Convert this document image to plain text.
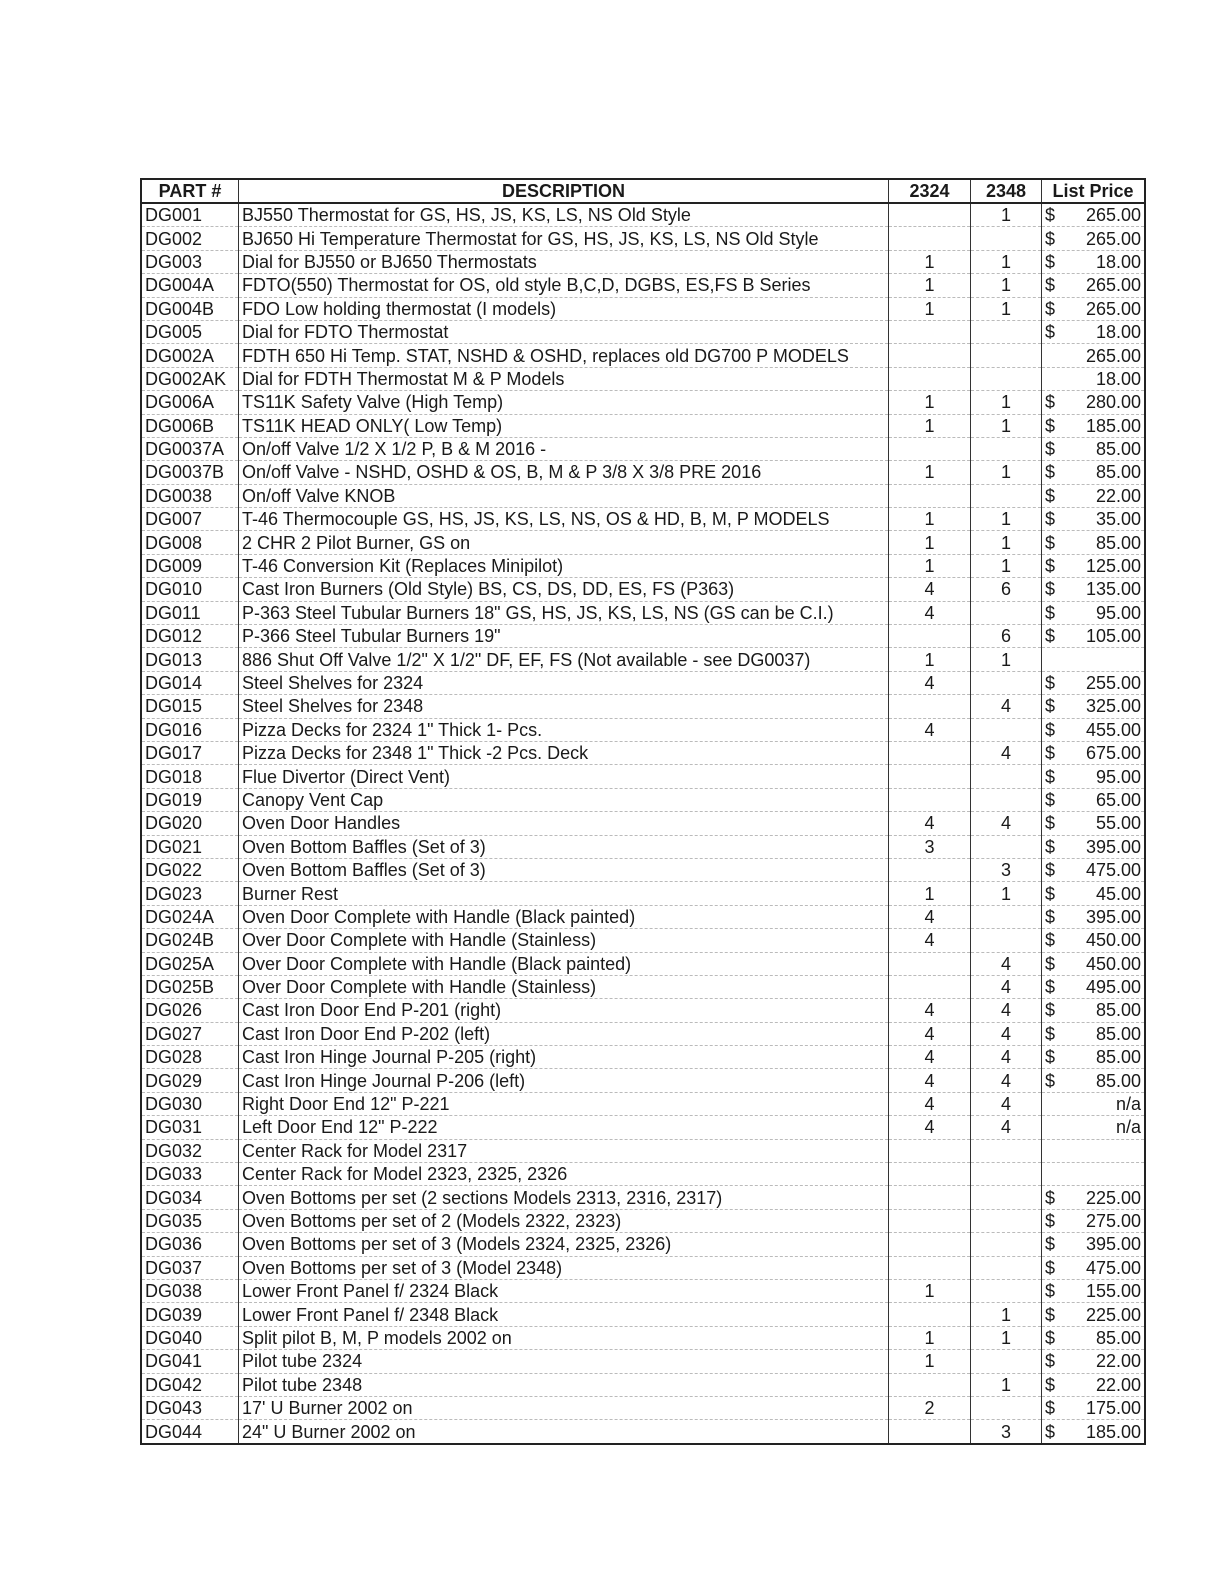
PART #	DESCRIPTION	2324	2348	List Price
DG001	BJ550 Thermostat for GS, HS, JS, KS, LS, NS Old Style		1	$ 265.00

DG002	BJ650 Hi Temperature Thermostat for GS, HS, JS, KS, LS, NS Old Style			$ 265.00

DG003	Dial for BJ550 or BJ650 Thermostats	1	1	$ 18.00

DG004A	FDTO(550) Thermostat for OS, old style B,C,D, DGBS, ES,FS B Series	1	1	$ 265.00

DG004B	FDO Low holding thermostat (I models)	1	1	$ 265.00

DG005	Dial for FDTO Thermostat			$ 18.00

DG002A	FDTH 650 Hi Temp. STAT, NSHD & OSHD, replaces old DG700 P MODELS			265.00

DG002AK	Dial for FDTH Thermostat M & P Models			18.00

DG006A	TS11K Safety Valve (High Temp)	1	1	$ 280.00

DG006B	TS11K HEAD ONLY( Low Temp)	1	1	$ 185.00

DG0037A	On/off Valve 1/2 X 1/2 P, B & M 2016 -			$ 85.00

DG0037B	On/off Valve - NSHD, OSHD & OS, B, M & P 3/8 X 3/8 PRE 2016	1	1	$ 85.00

DG0038	On/off Valve KNOB			$ 22.00

DG007	T-46 Thermocouple GS, HS, JS, KS, LS, NS, OS & HD, B, M, P MODELS	1	1	$ 35.00

DG008	2 CHR 2 Pilot Burner, GS on	1	1	$ 85.00

DG009	T-46 Conversion Kit (Replaces Minipilot)	1	1	$ 125.00

DG010	Cast Iron Burners (Old Style) BS, CS, DS, DD, ES, FS (P363)	4	6	$ 135.00

DG011	P-363 Steel Tubular Burners 18" GS, HS, JS, KS, LS, NS (GS can be C.I.)	4		$ 95.00

DG012	P-366 Steel Tubular Burners 19"		6	$ 105.00

DG013	886 Shut Off Valve 1/2" X 1/2" DF, EF, FS (Not available - see DG0037)	1	1	

DG014	Steel Shelves for 2324	4		$ 255.00

DG015	Steel Shelves for 2348		4	$ 325.00

DG016	Pizza Decks for 2324 1" Thick 1- Pcs.	4		$ 455.00

DG017	Pizza Decks for 2348 1" Thick -2 Pcs. Deck		4	$ 675.00

DG018	Flue Divertor (Direct Vent)			$ 95.00

DG019	Canopy Vent Cap			$ 65.00

DG020	Oven Door Handles	4	4	$ 55.00

DG021	Oven Bottom Baffles (Set of 3)	3		$ 395.00

DG022	Oven Bottom Baffles (Set of 3)		3	$ 475.00

DG023	Burner Rest	1	1	$ 45.00

DG024A	Oven Door Complete with Handle (Black painted)	4		$ 395.00

DG024B	Over Door Complete with Handle (Stainless)	4		$ 450.00

DG025A	Over Door Complete with Handle (Black painted)		4	$ 450.00

DG025B	Over Door Complete with Handle (Stainless)		4	$ 495.00

DG026	Cast Iron Door End P-201 (right)	4	4	$ 85.00

DG027	Cast Iron Door End P-202 (left)	4	4	$ 85.00

DG028	Cast Iron Hinge Journal P-205 (right)	4	4	$ 85.00

DG029	Cast Iron Hinge Journal P-206 (left)	4	4	$ 85.00

DG030	Right Door End 12" P-221	4	4	n/a

DG031	Left Door End 12" P-222	4	4	n/a

DG032	Center Rack for Model 2317			

DG033	Center Rack for Model 2323, 2325, 2326			

DG034	Oven Bottoms per set (2 sections Models 2313, 2316, 2317)			$ 225.00

DG035	Oven Bottoms per set of 2 (Models 2322, 2323)			$ 275.00

DG036	Oven Bottoms per set of 3 (Models 2324, 2325, 2326)			$ 395.00

DG037	Oven Bottoms per set of 3 (Model 2348)			$ 475.00

DG038	Lower Front Panel f/ 2324 Black	1		$ 155.00

DG039	Lower Front Panel f/ 2348 Black		1	$ 225.00

DG040	Split pilot B, M, P models 2002 on	1	1	$ 85.00

DG041	Pilot tube 2324	1		$ 22.00

DG042	Pilot tube 2348		1	$ 22.00

DG043	17' U Burner 2002 on	2		$ 175.00

DG044	24" U Burner 2002 on		3	$ 185.00
